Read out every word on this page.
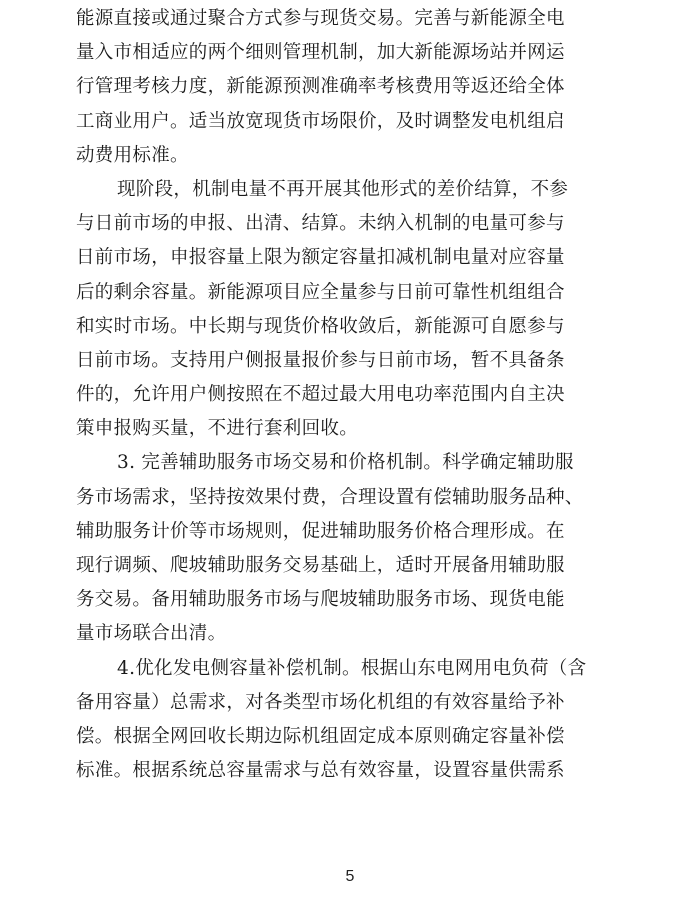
能源直接或通过聚合方式参与现货交易。完善与新能源全电
量入市相适应的两个细则管理机制，加大新能源场站并网运
行管理考核力度，新能源预测准确率考核费用等返还给全体
工商业用户。适当放宽现货市场限价，及时调整发电机组启
动费用标准。
现阶段，机制电量不再开展其他形式的差价结算，不参
与日前市场的申报、出清、结算。未纳入机制的电量可参与
日前市场，申报容量上限为额定容量扣减机制电量对应容量
后的剩余容量。新能源项目应全量参与日前可靠性机组组合
和实时市场。中长期与现货价格收敛后，新能源可自愿参与
日前市场。支持用户侧报量报价参与日前市场，暂不具备条
件的，允许用户侧按照在不超过最大用电功率范围内自主决
策申报购买量，不进行套利回收。
3. 完善辅助服务市场交易和价格机制。科学确定辅助服
务市场需求，坚持按效果付费，合理设置有偿辅助服务品种、
辅助服务计价等市场规则，促进辅助服务价格合理形成。在
现行调频、爬坡辅助服务交易基础上，适时开展备用辅助服
务交易。备用辅助服务市场与爬坡辅助服务市场、现货电能
量市场联合出清。
4.优化发电侧容量补偿机制。根据山东电网用电负荷（含
备用容量）总需求，对各类型市场化机组的有效容量给予补
偿。根据全网回收长期边际机组固定成本原则确定容量补偿
标准。根据系统总容量需求与总有效容量，设置容量供需系
5
